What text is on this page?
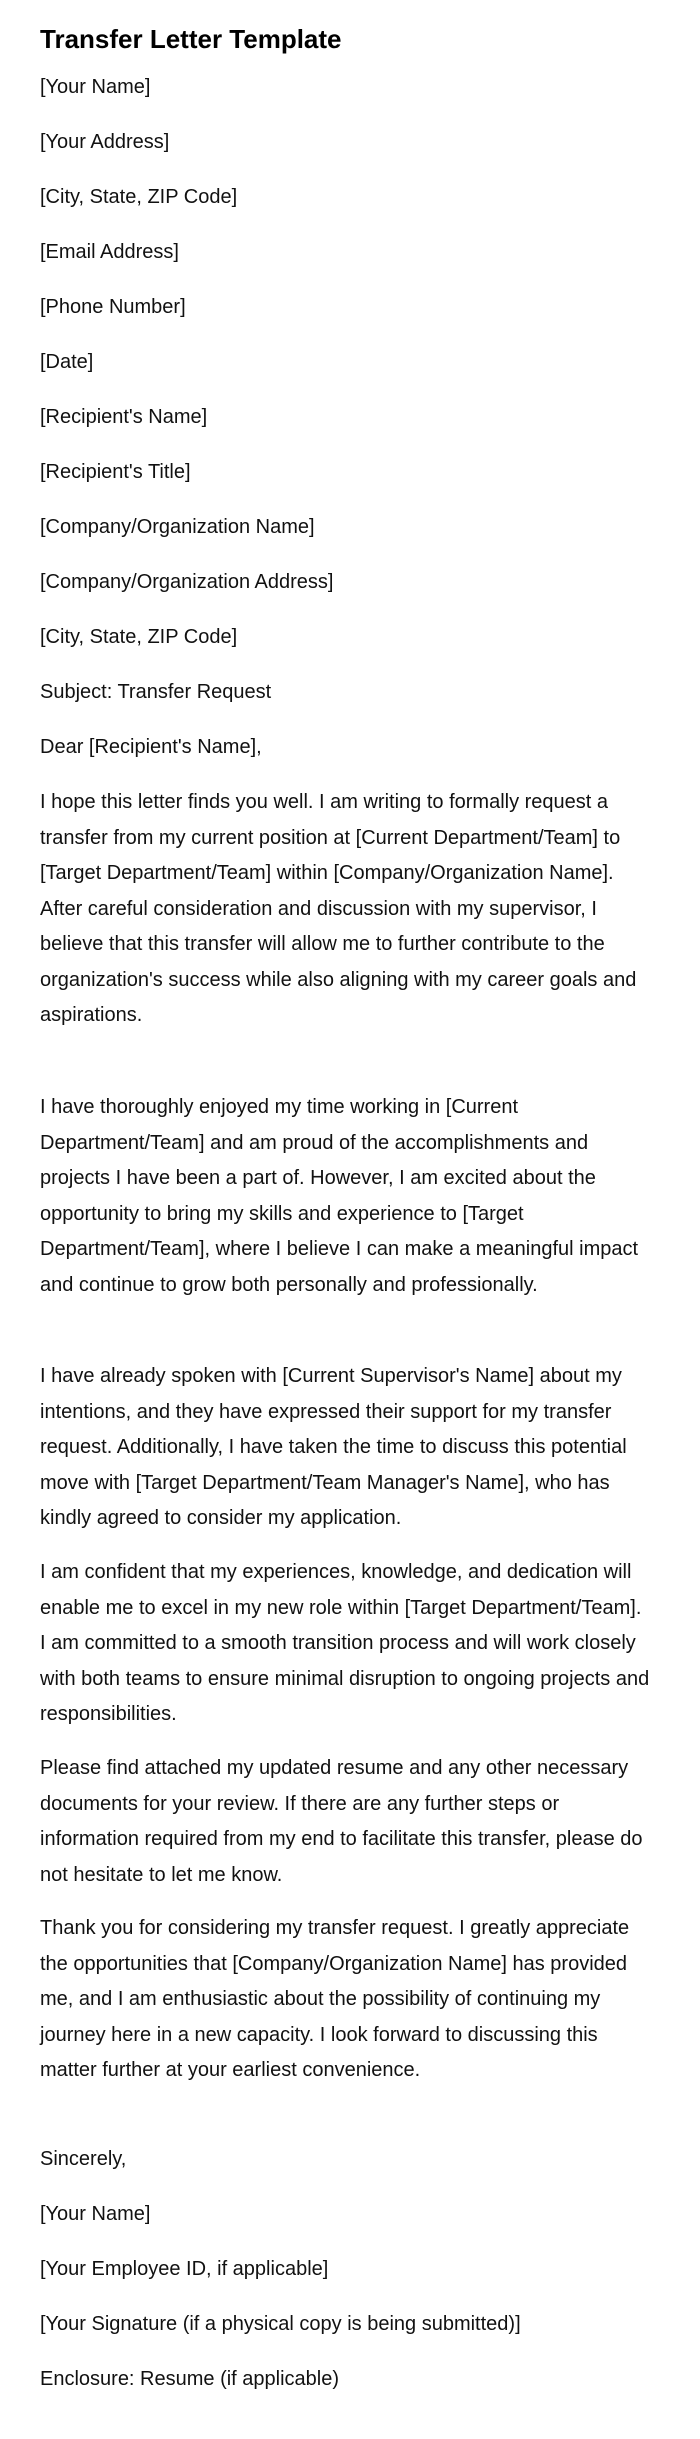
Transfer Letter Template

[Your Name]

[Your Address]

[City, State, ZIP Code]

[Email Address]

[Phone Number]

[Date]

[Recipient's Name]

[Recipient's Title]

[Company/Organization Name]

[Company/Organization Address]

[City, State, ZIP Code]

Subject: Transfer Request

Dear [Recipient's Name],

I hope this letter finds you well. I am writing to formally request a transfer from my current position at [Current Department/Team] to [Target Department/Team] within [Company/Organization Name]. After careful consideration and discussion with my supervisor, I believe that this transfer will allow me to further contribute to the organization's success while also aligning with my career goals and aspirations.

I have thoroughly enjoyed my time working in [Current Department/Team] and am proud of the accomplishments and projects I have been a part of. However, I am excited about the opportunity to bring my skills and experience to [Target Department/Team], where I believe I can make a meaningful impact and continue to grow both personally and professionally.

I have already spoken with [Current Supervisor's Name] about my intentions, and they have expressed their support for my transfer request. Additionally, I have taken the time to discuss this potential move with [Target Department/Team Manager's Name], who has kindly agreed to consider my application.

I am confident that my experiences, knowledge, and dedication will enable me to excel in my new role within [Target Department/Team]. I am committed to a smooth transition process and will work closely with both teams to ensure minimal disruption to ongoing projects and responsibilities.

Please find attached my updated resume and any other necessary documents for your review. If there are any further steps or information required from my end to facilitate this transfer, please do not hesitate to let me know.

Thank you for considering my transfer request. I greatly appreciate the opportunities that [Company/Organization Name] has provided me, and I am enthusiastic about the possibility of continuing my journey here in a new capacity. I look forward to discussing this matter further at your earliest convenience.

Sincerely,

[Your Name]

[Your Employee ID, if applicable]

[Your Signature (if a physical copy is being submitted)]

Enclosure: Resume (if applicable)
